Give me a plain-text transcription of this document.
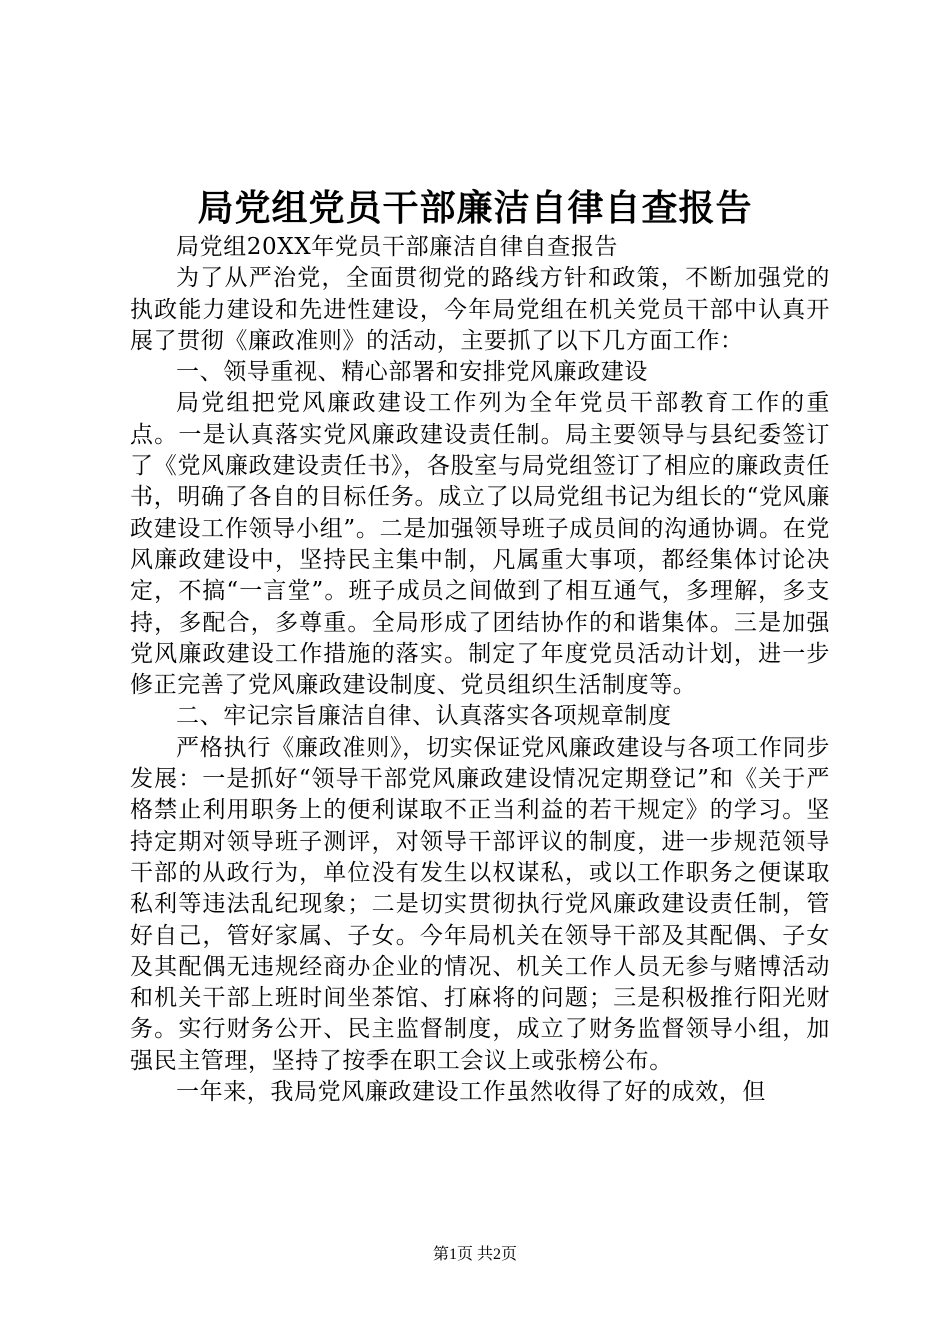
局党组党员干部廉洁自律自查报告

局党组20XX年党员干部廉洁自律自查报告

为了从严治党，全面贯彻党的路线方针和政策，不断加强党的执政能力建设和先进性建设，今年局党组在机关党员干部中认真开展了贯彻《廉政准则》的活动，主要抓了以下几方面工作：

一、领导重视、精心部署和安排党风廉政建设

局党组把党风廉政建设工作列为全年党员干部教育工作的重点。一是认真落实党风廉政建设责任制。局主要领导与县纪委签订了《党风廉政建设责任书》，各股室与局党组签订了相应的廉政责任书，明确了各自的目标任务。成立了以局党组书记为组长的“党风廉政建设工作领导小组”。二是加强领导班子成员间的沟通协调。在党风廉政建设中，坚持民主集中制，凡属重大事项，都经集体讨论决定，不搞“一言堂”。班子成员之间做到了相互通气，多理解，多支持，多配合，多尊重。全局形成了团结协作的和谐集体。三是加强党风廉政建设工作措施的落实。制定了年度党员活动计划，进一步修正完善了党风廉政建设制度、党员组织生活制度等。

二、牢记宗旨廉洁自律、认真落实各项规章制度

严格执行《廉政准则》，切实保证党风廉政建设与各项工作同步发展：一是抓好“领导干部党风廉政建设情况定期登记”和《关于严格禁止利用职务上的便利谋取不正当利益的若干规定》的学习。坚持定期对领导班子测评，对领导干部评议的制度，进一步规范领导干部的从政行为，单位没有发生以权谋私，或以工作职务之便谋取私利等违法乱纪现象；二是切实贯彻执行党风廉政建设责任制，管好自己，管好家属、子女。今年局机关在领导干部及其配偶、子女及其配偶无违规经商办企业的情况、机关工作人员无参与赌博活动和机关干部上班时间坐茶馆、打麻将的问题；三是积极推行阳光财务。实行财务公开、民主监督制度，成立了财务监督领导小组，加强民主管理，坚持了按季在职工会议上或张榜公布。

一年来，我局党风廉政建设工作虽然收得了好的成效，但

第1页 共2页
